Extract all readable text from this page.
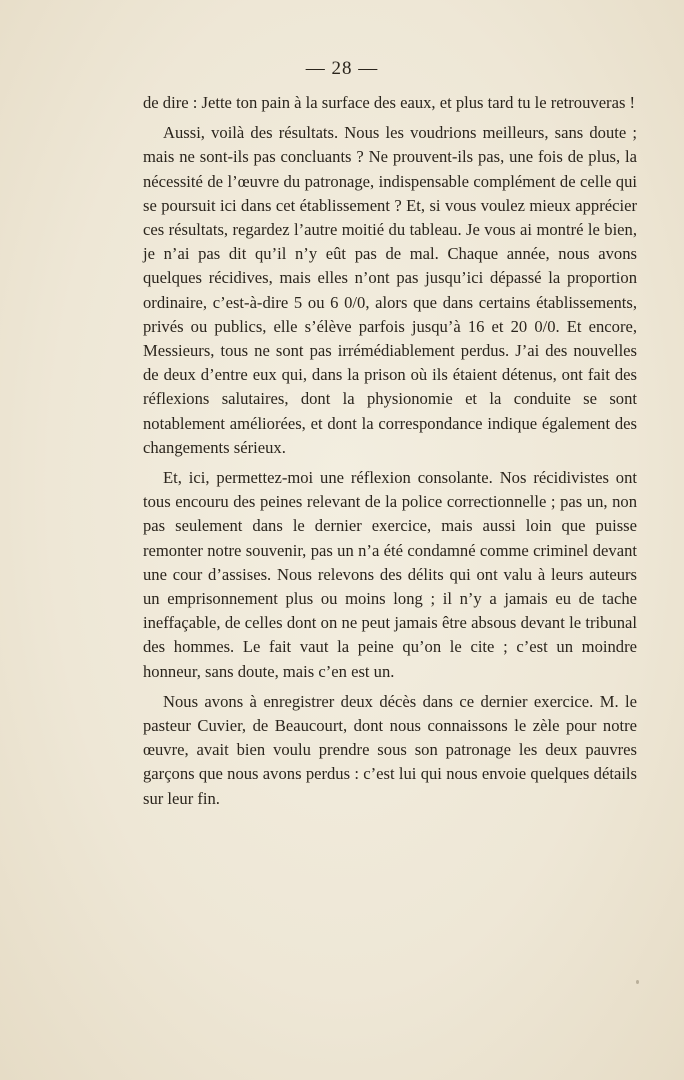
— 28 —

de dire : Jette ton pain à la surface des eaux, et plus tard tu le retrouveras !

Aussi, voilà des résultats. Nous les voudrions meilleurs, sans doute ; mais ne sont-ils pas concluants ? Ne prouvent-ils pas, une fois de plus, la nécessité de l’œuvre du patronage, indispensable complément de celle qui se poursuit ici dans cet établissement ? Et, si vous voulez mieux apprécier ces résultats, regardez l’autre moitié du tableau. Je vous ai montré le bien, je n’ai pas dit qu’il n’y eût pas de mal. Chaque année, nous avons quelques récidives, mais elles n’ont pas jusqu’ici dépassé la proportion ordinaire, c’est-à-dire 5 ou 6 0/0, alors que dans certains établissements, privés ou publics, elle s’élève parfois jusqu’à 16 et 20 0/0. Et encore, Messieurs, tous ne sont pas irrémédiablement perdus. J’ai des nouvelles de deux d’entre eux qui, dans la prison où ils étaient détenus, ont fait des réflexions salutaires, dont la physionomie et la conduite se sont notablement améliorées, et dont la correspondance indique également des changements sérieux.

Et, ici, permettez-moi une réflexion consolante. Nos récidivistes ont tous encouru des peines relevant de la police correctionnelle ; pas un, non pas seulement dans le dernier exercice, mais aussi loin que puisse remonter notre souvenir, pas un n’a été condamné comme criminel devant une cour d’assises. Nous relevons des délits qui ont valu à leurs auteurs un emprisonnement plus ou moins long ; il n’y a jamais eu de tache ineffaçable, de celles dont on ne peut jamais être absous devant le tribunal des hommes. Le fait vaut la peine qu’on le cite ; c’est un moindre honneur, sans doute, mais c’en est un.

Nous avons à enregistrer deux décès dans ce dernier exercice. M. le pasteur Cuvier, de Beaucourt, dont nous connaissons le zèle pour notre œuvre, avait bien voulu prendre sous son patronage les deux pauvres garçons que nous avons perdus : c’est lui qui nous envoie quelques détails sur leur fin.
